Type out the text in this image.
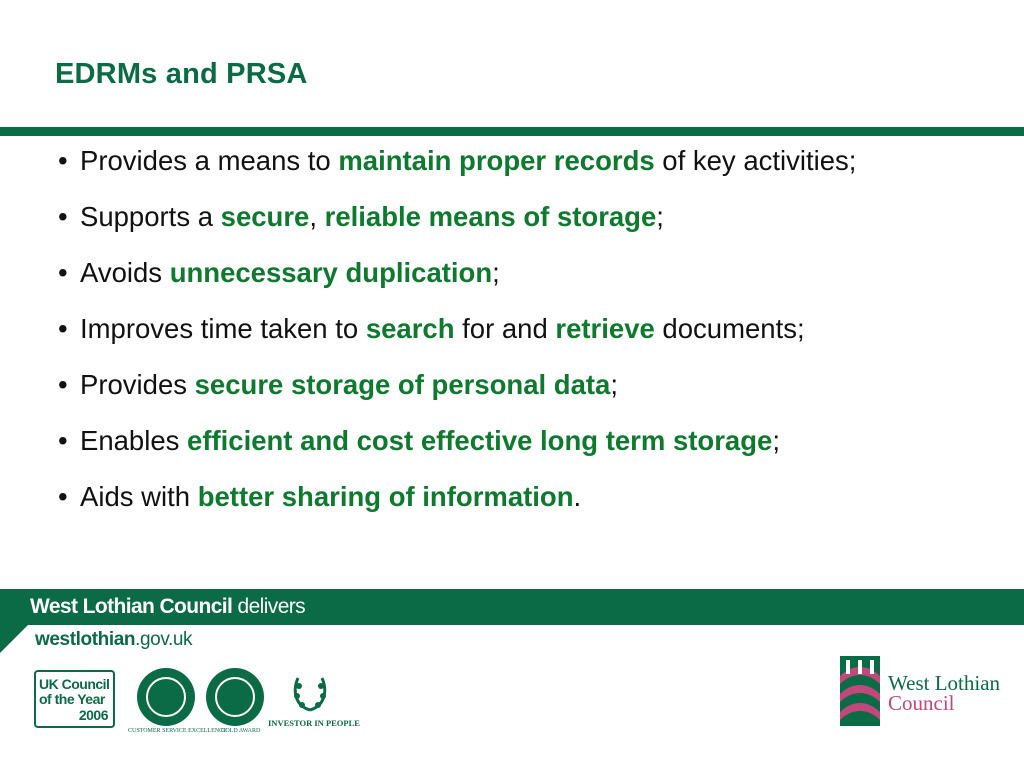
EDRMs and PRSA
• Provides a means to maintain proper records of key activities;
• Supports a secure, reliable means of storage;
• Avoids unnecessary duplication;
• Improves time taken to search for and retrieve documents;
• Provides secure storage of personal data;
• Enables efficient and cost effective long term storage;
• Aids with better sharing of information.
West Lothian Council delivers
westlothian.gov.uk
UK Council
of the Year
2006
CUSTOMER SERVICE EXCELLENCE
GOLD AWARD
INVESTOR IN PEOPLE
West Lothian
Council
